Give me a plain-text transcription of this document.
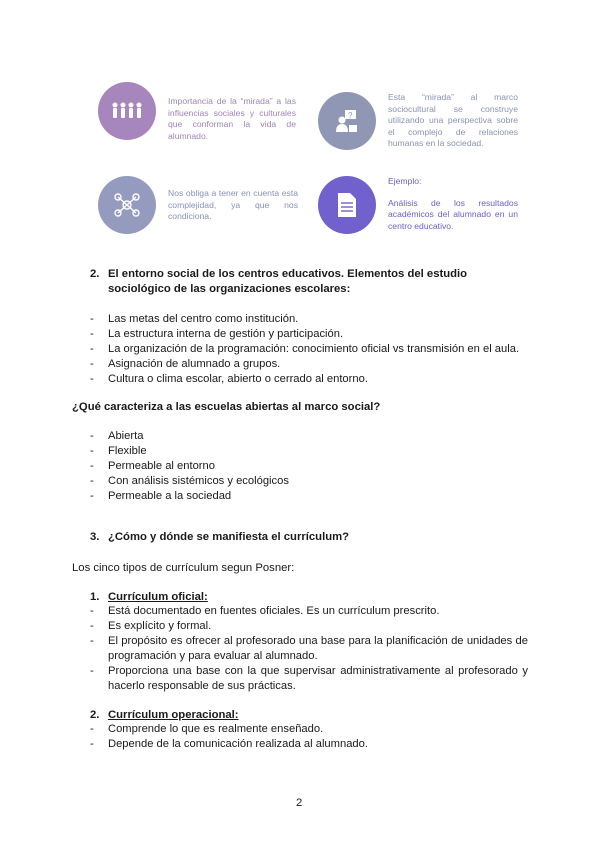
Importancia de la “mirada” a las influencias sociales y culturales que conforman la vida de alumnado.
?
Esta “mirada” al marco sociocultural se construye utilizando una perspectiva sobre el complejo de relaciones humanas en la sociedad.
Nos obliga a tener en cuenta esta complejidad, ya que nos condiciona.
Ejemplo:
Análisis de los resultados académicos del alumnado en un centro educativo.
2. El entorno social de los centros educativos. Elementos del estudio sociológico de las organizaciones escolares:
- Las metas del centro como institución.
- La estructura interna de gestión y participación.
- La organización de la programación: conocimiento oficial vs transmisión en el aula.
- Asignación de alumnado a grupos.
- Cultura o clima escolar, abierto o cerrado al entorno.
¿Qué caracteriza a las escuelas abiertas al marco social?
- Abierta
- Flexible
- Permeable al entorno
- Con análisis sistémicos y ecológicos
- Permeable a la sociedad
3. ¿Cómo y dónde se manifiesta el currículum?
Los cinco tipos de currículum segun Posner:
1. Currículum oficial:
- Está documentado en fuentes oficiales. Es un currículum prescrito.
- Es explícito y formal.
- El propósito es ofrecer al profesorado una base para la planificación de unidades de programación y para evaluar al alumnado.
- Proporciona una base con la que supervisar administrativamente al profesorado y hacerlo responsable de sus prácticas.
2. Currículum operacional:
- Comprende lo que es realmente enseñado.
- Depende de la comunicación realizada al alumnado.
2
